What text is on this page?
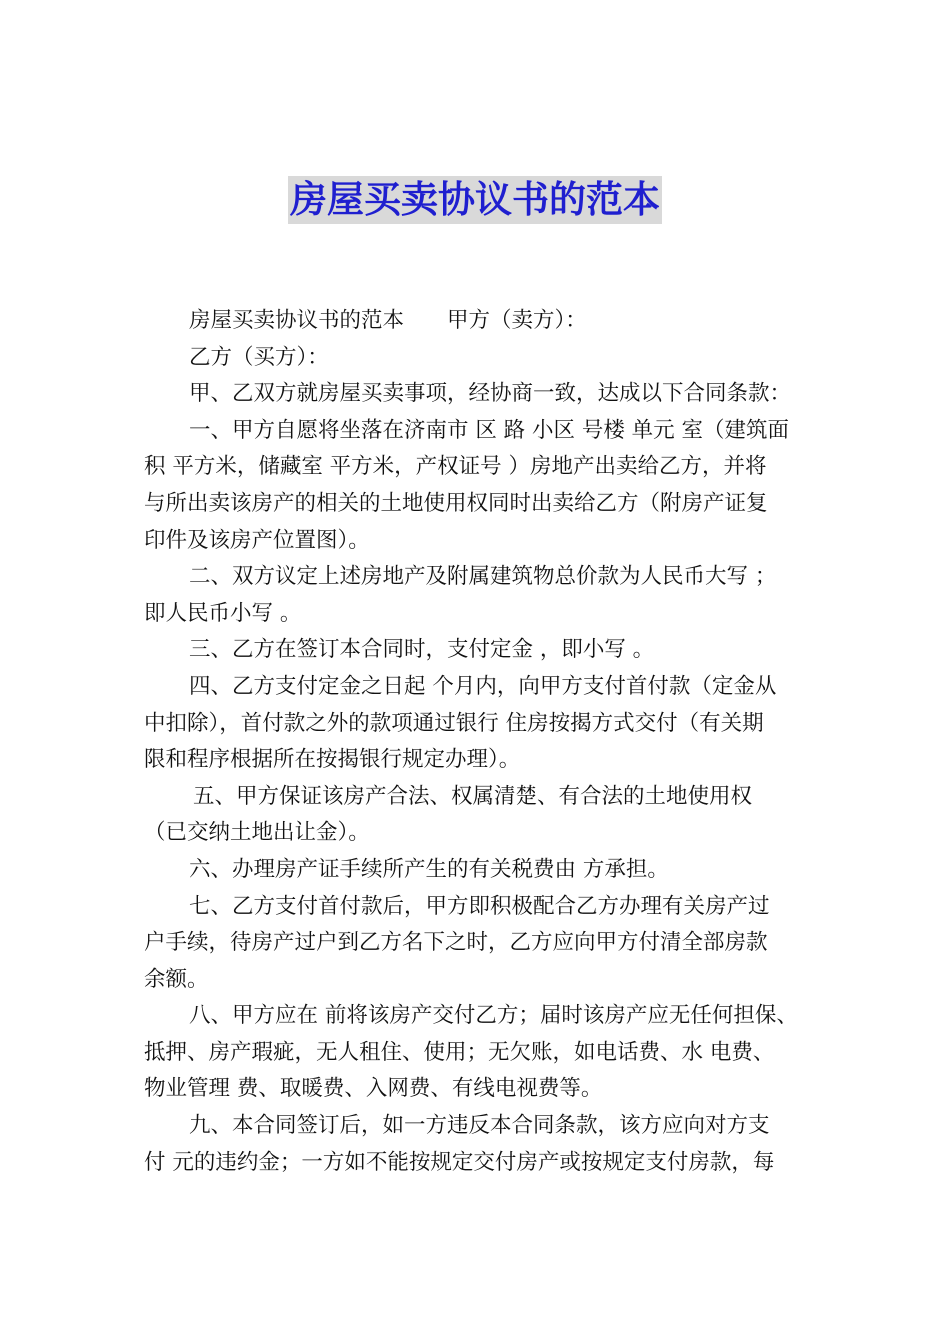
房屋买卖协议书的范本
房屋买卖协议书的范本　　甲方（卖方）：
乙方（买方）：
甲、乙双方就房屋买卖事项，经协商一致，达成以下合同条款：
一、甲方自愿将坐落在济南市 区 路 小区 号楼 单元 室（建筑面
积 平方米，储藏室 平方米，产权证号 ）房地产出卖给乙方，并将
与所出卖该房产的相关的土地使用权同时出卖给乙方（附房产证复
印件及该房产位置图）。
二、双方议定上述房地产及附属建筑物总价款为人民币大写 ；
即人民币小写 。
三、乙方在签订本合同时，支付定金 ，即小写 。
四、乙方支付定金之日起 个月内，向甲方支付首付款（定金从
中扣除），首付款之外的款项通过银行 住房按揭方式交付（有关期
限和程序根据所在按揭银行规定办理）。
五、甲方保证该房产合法、权属清楚、有合法的土地使用权
（已交纳土地出让金）。
六、办理房产证手续所产生的有关税费由 方承担。
七、乙方支付首付款后，甲方即积极配合乙方办理有关房产过
户手续，待房产过户到乙方名下之时，乙方应向甲方付清全部房款
余额。
八、甲方应在 前将该房产交付乙方；届时该房产应无任何担保、
抵押、房产瑕疵，无人租住、使用；无欠账，如电话费、水 电费、
物业管理 费、取暖费、入网费、有线电视费等。
九、本合同签订后，如一方违反本合同条款，该方应向对方支
付 元的违约金；一方如不能按规定交付房产或按规定支付房款，每
